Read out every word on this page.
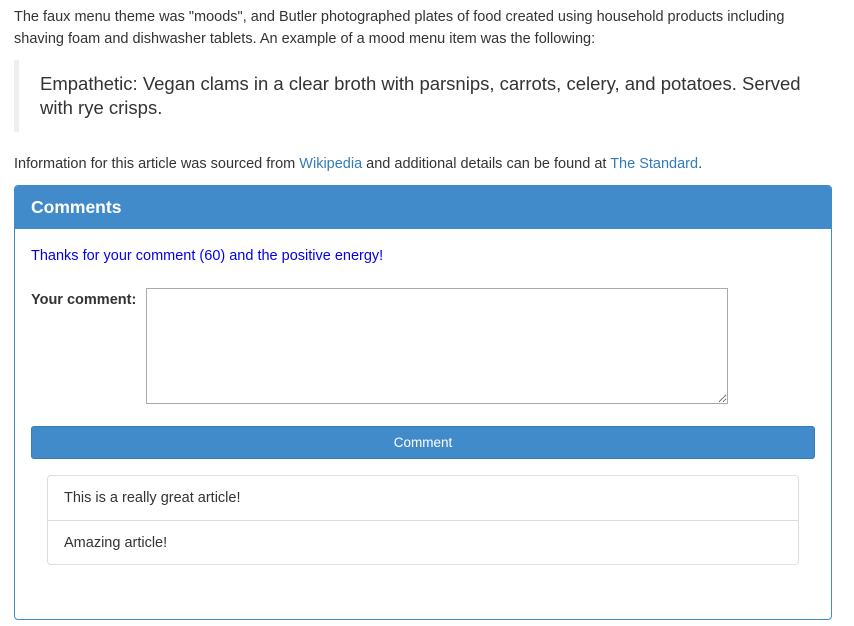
The faux menu theme was "moods", and Butler photographed plates of food created using household products including shaving foam and dishwasher tablets. An example of a mood menu item was the following:

Empathetic: Vegan clams in a clear broth with parsnips, carrots, celery, and potatoes. Served with rye crisps.

Information for this article was sourced from Wikipedia and additional details can be found at The Standard.

Comments

Thanks for your comment (60) and the positive energy!

Your comment:
Comment
This is a really great article!
Amazing article!
